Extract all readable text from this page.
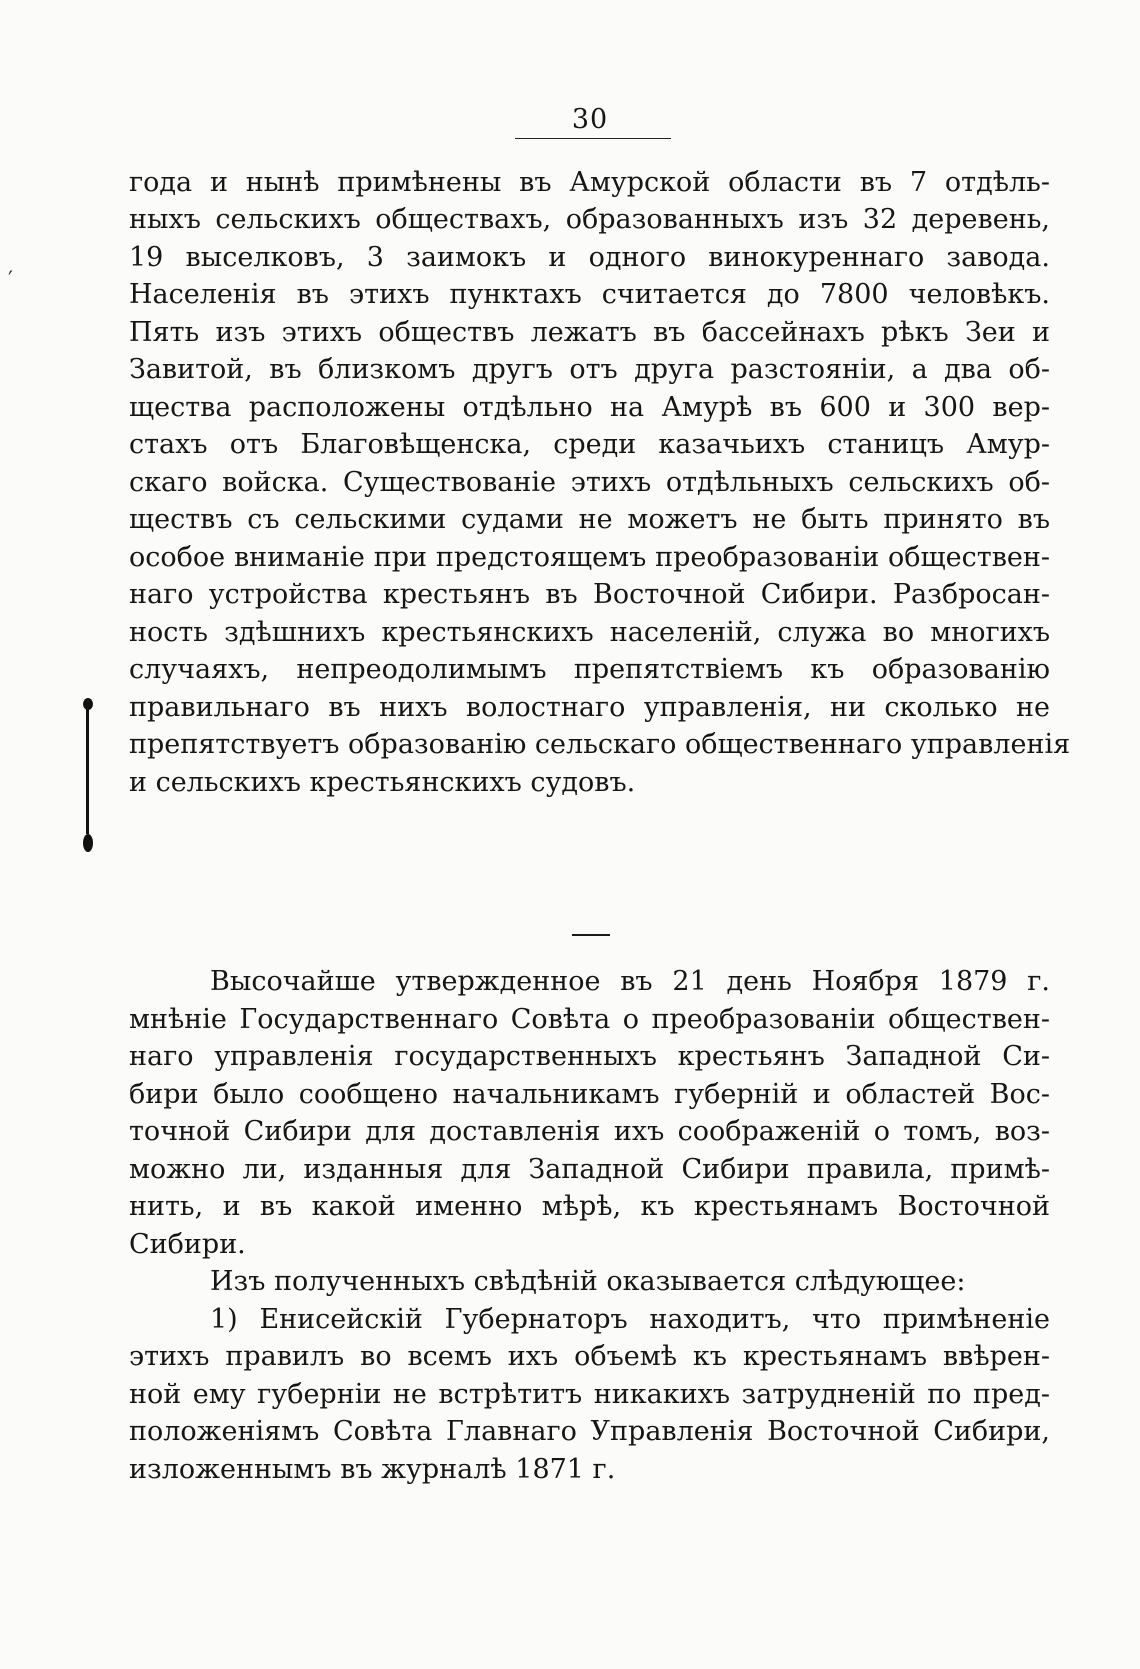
30
′
года и нынѣ примѣнены въ Амурской области въ 7 отдѣль-
ныхъ сельскихъ обществахъ, образованныхъ изъ 32 деревень,
19 выселковъ, 3 заимокъ и одного винокуреннаго завода.
Населенія въ этихъ пунктахъ считается до 7800 человѣкъ.
Пять изъ этихъ обществъ лежатъ въ бассейнахъ рѣкъ Зеи и
Завитой, въ близкомъ другъ отъ друга разстояніи, а два об-
щества расположены отдѣльно на Амурѣ въ 600 и 300 вер-
стахъ отъ Благовѣщенска, среди казачьихъ станицъ Амур-
скаго войска. Существованіе этихъ отдѣльныхъ сельскихъ об-
ществъ съ сельскими судами не можетъ не быть принято въ
особое вниманіе при предстоящемъ преобразованіи обществен-
наго устройства крестьянъ въ Восточной Сибири. Разбросан-
ность здѣшнихъ крестьянскихъ населеній, служа во многихъ
случаяхъ, непреодолимымъ препятствіемъ къ образованію
правильнаго въ нихъ волостнаго управленія, ни сколько не
препятствуетъ образованію сельскаго общественнаго управленія
и сельскихъ крестьянскихъ судовъ.
Высочайше утвержденное въ 21 день Ноября 1879 г.
мнѣніе Государственнаго Совѣта о преобразованіи обществен-
наго управленія государственныхъ крестьянъ Западной Си-
бири было сообщено начальникамъ губерній и областей Вос-
точной Сибири для доставленія ихъ соображеній о томъ, воз-
можно ли, изданныя для Западной Сибири правила, примѣ-
нить, и въ какой именно мѣрѣ, къ крестьянамъ Восточной
Сибири.
Изъ полученныхъ свѣдѣній оказывается слѣдующее:
1) Енисейскій Губернаторъ находитъ, что примѣненіе
этихъ правилъ во всемъ ихъ объемѣ къ крестьянамъ ввѣрен-
ной ему губерніи не встрѣтитъ никакихъ затрудненій по пред-
положеніямъ Совѣта Главнаго Управленія Восточной Сибири,
изложеннымъ въ журналѣ 1871 г.
